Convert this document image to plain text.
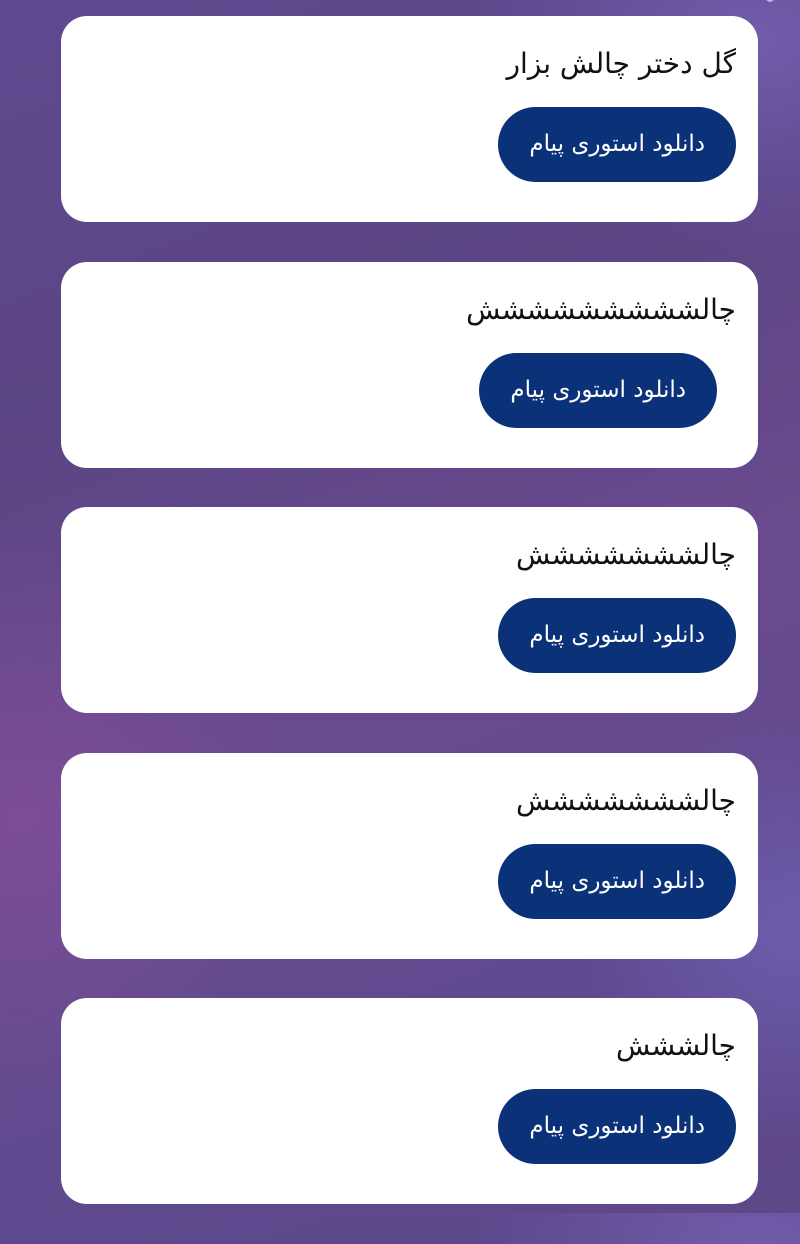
گل دختر چالش بزار
دانلود استوری پیام
چالششششششششش
دانلود استوری پیام
چالششششششش
دانلود استوری پیام
چالششششششش
دانلود استوری پیام
چالششش
دانلود استوری پیام
